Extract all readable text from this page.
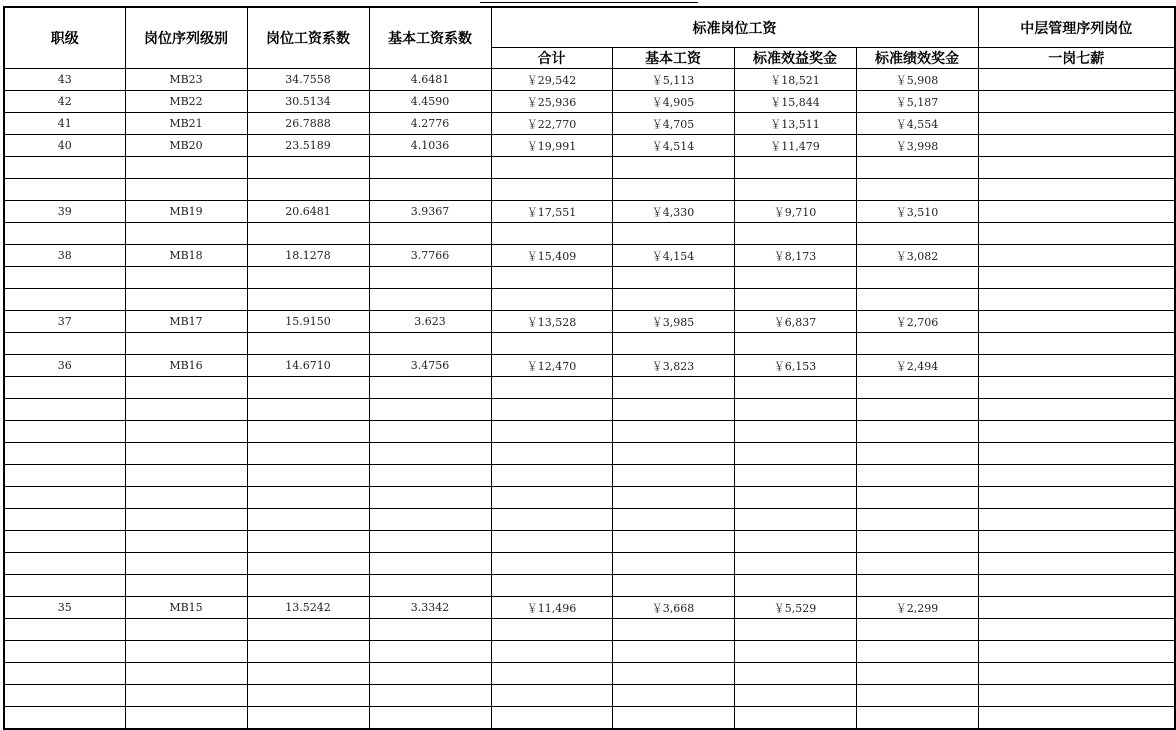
职级	岗位序列级别	岗位工资系数	基本工资系数	标准岗位工资				中层管理序列岗位
				合计	基本工资	标准效益奖金	标准绩效奖金	一岗七薪
43	MB23	34.7558	4.6481	￥29,542	￥5,113	￥18,521	￥5,908	
42	MB22	30.5134	4.4590	￥25,936	￥4,905	￥15,844	￥5,187	
41	MB21	26.7888	4.2776	￥22,770	￥4,705	￥13,511	￥4,554	
40	MB20	23.5189	4.1036	￥19,991	￥4,514	￥11,479	￥3,998	

39	MB19	20.6481	3.9367	￥17,551	￥4,330	￥9,710	￥3,510	

38	MB18	18.1278	3.7766	￥15,409	￥4,154	￥8,173	￥3,082	

37	MB17	15.9150	3.623	￥13,528	￥3,985	￥6,837	￥2,706	

36	MB16	14.6710	3.4756	￥12,470	￥3,823	￥6,153	￥2,494	

35	MB15	13.5242	3.3342	￥11,496	￥3,668	￥5,529	￥2,299	
